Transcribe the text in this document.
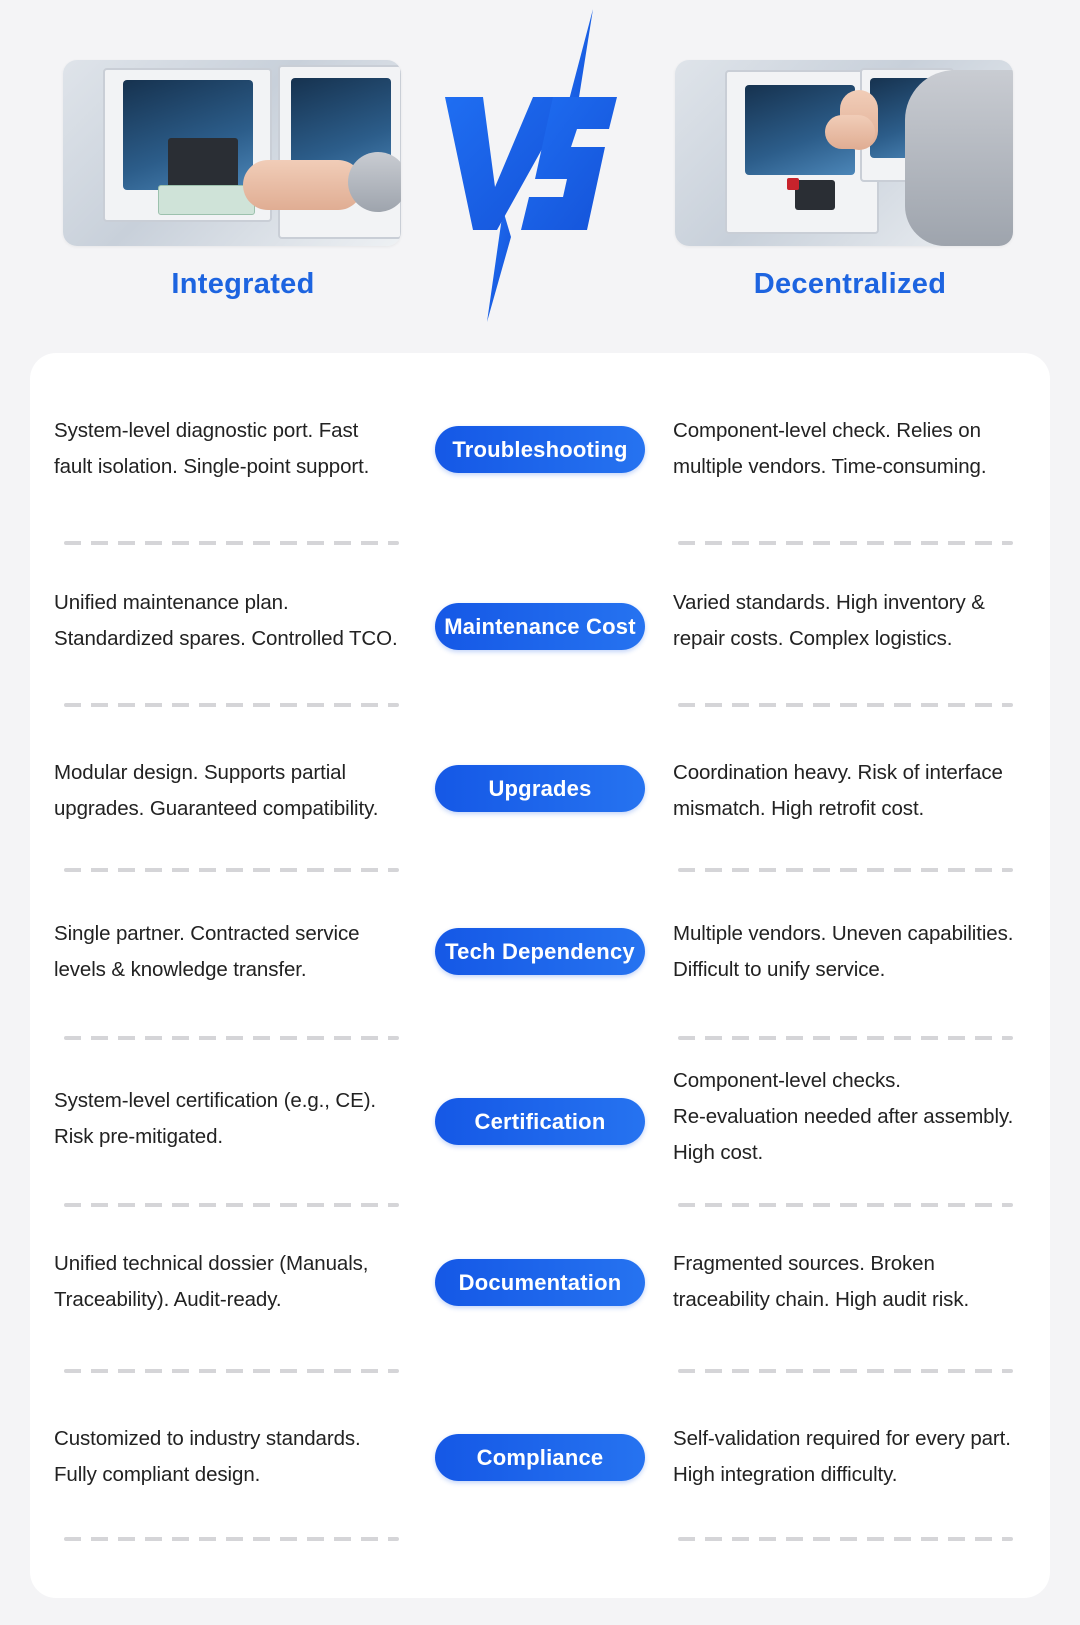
Integrated	Decentralized
System-level diagnostic port. Fast
fault isolation. Single-point support.
Troubleshooting
Component-level check. Relies on
multiple vendors. Time-consuming.
Unified maintenance plan.
Standardized spares. Controlled TCO.	Maintenance Cost
Varied standards. High inventory &
repair costs. Complex logistics.
Modular design. Supports partial
upgrades. Guaranteed compatibility.
Upgrades
Coordination heavy. Risk of interface
mismatch. High retrofit cost.
Single partner. Contracted service
levels & knowledge transfer.
Tech Dependency
Multiple vendors. Uneven capabilities.
Difficult to unify service.
System-level certification (e.g., CE).
Risk pre-mitigated.
Certification
Component-level checks.
Re-evaluation needed after assembly.
High cost.
Unified technical dossier (Manuals,
Traceability). Audit-ready.
Documentation
Fragmented sources. Broken
traceability chain. High audit risk.
Customized to industry standards.
Fully compliant design.
Compliance
Self-validation required for every part.
High integration difficulty.
